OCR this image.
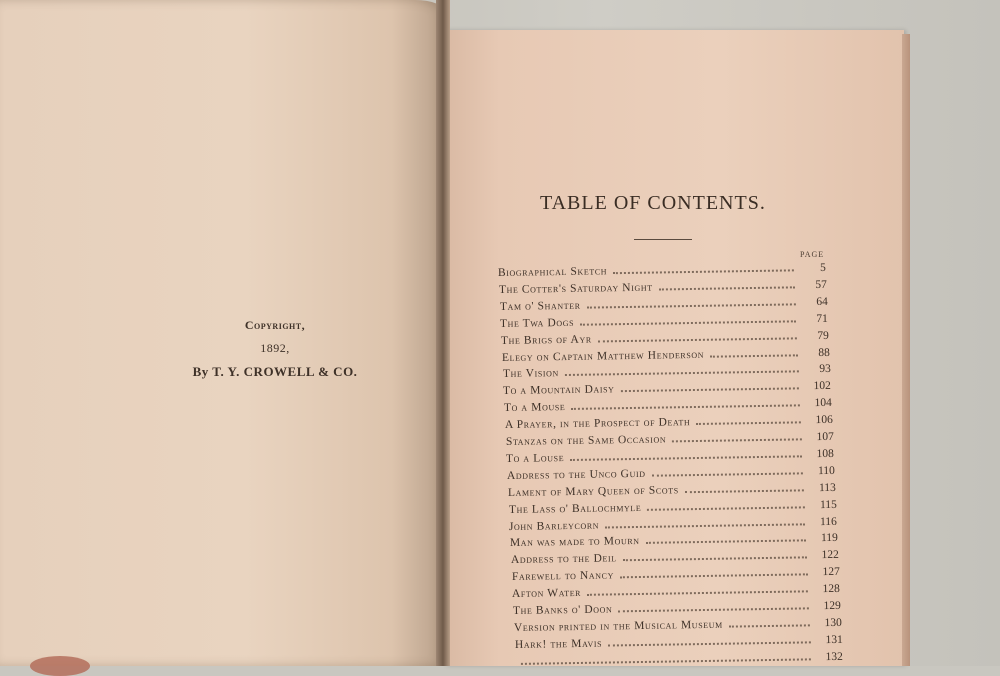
Copyright,
1892,
By T. Y. CROWELL & CO.
TABLE OF CONTENTS.
PAGE
Biographical Sketch	5
The Cotter's Saturday Night	57
Tam o' Shanter	64
The Twa Dogs	71
The Brigs of Ayr	79
Elegy on Captain Matthew Henderson	88
The Vision	93
To a Mountain Daisy	102
To a Mouse	104
A Prayer, in the Prospect of Death	106
Stanzas on the Same Occasion	107
To a Louse	108
Address to the Unco Guid	110
Lament of Mary Queen of Scots	113
The Lass o' Ballochmyle	115
John Barleycorn	116
Man was made to Mourn	119
Address to the Deil	122
Farewell to Nancy	127
Afton Water	128
The Banks o' Doon	129
Version printed in the Musical Museum	130
Hark! the Mavis	131
132
